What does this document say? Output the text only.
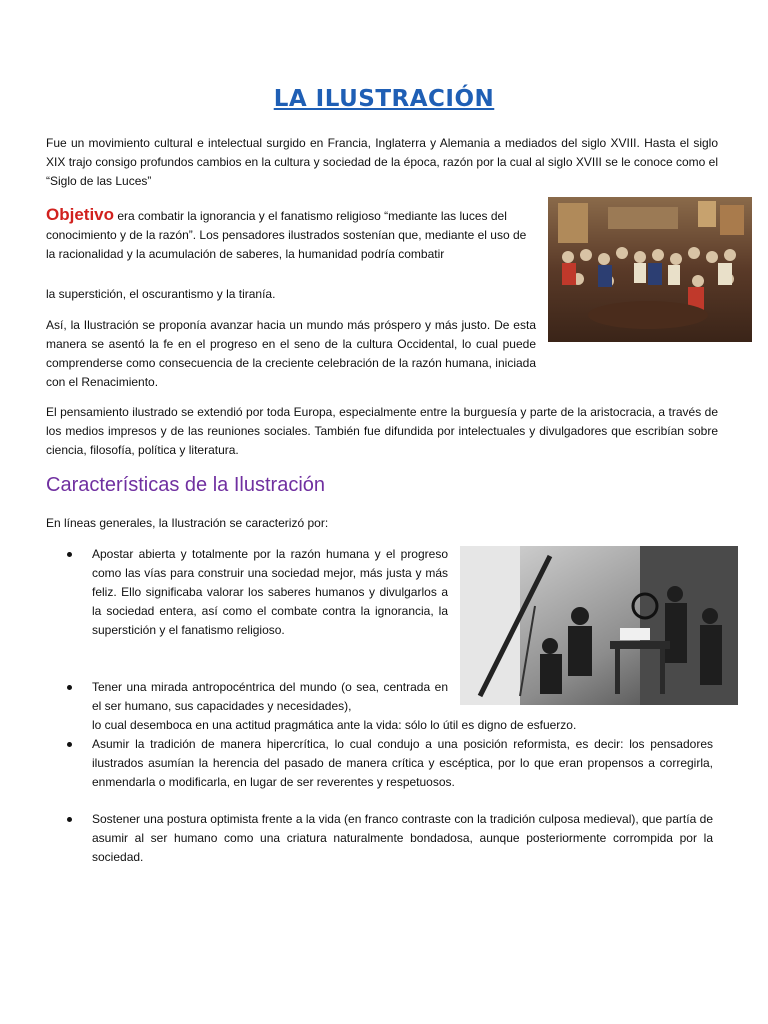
LA ILUSTRACIÓN
Fue un movimiento cultural e intelectual surgido en Francia, Inglaterra y Alemania a mediados del siglo XVIII. Hasta el siglo XIX trajo consigo profundos cambios en la cultura y sociedad de la época, razón por la cual al siglo XVIII se le conoce como el “Siglo de las Luces”
Objetivo era combatir la ignorancia y el fanatismo religioso “mediante las luces del conocimiento y de la razón”. Los pensadores ilustrados sostenían que, mediante el uso de la racionalidad y la acumulación de saberes, la humanidad podría combatir
la superstición, el oscurantismo y la tiranía.
Así, la Ilustración se proponía avanzar hacia un mundo más próspero y más justo. De esta manera se asentó la fe en el progreso en el seno de la cultura Occidental, lo cual puede comprenderse como consecuencia de la creciente celebración de la razón humana, iniciada con el Renacimiento.
El pensamiento ilustrado se extendió por toda Europa, especialmente entre la burguesía y parte de la aristocracia, a través de los medios impresos y de las reuniones sociales. También fue difundida por intelectuales y divulgadores que escribían sobre ciencia, filosofía, política y literatura.
Características de la Ilustración
En líneas generales, la Ilustración se caracterizó por:
Apostar abierta y totalmente por la razón humana y el progreso como las vías para construir una sociedad mejor, más justa y más feliz. Ello significaba valorar los saberes humanos y divulgarlos a la sociedad entera, así como el combate contra la ignorancia, la superstición y el fanatismo religioso.
Tener una mirada antropocéntrica del mundo (o sea, centrada en el ser humano, sus capacidades y necesidades),
lo cual desemboca en una actitud pragmática ante la vida: sólo lo útil es digno de esfuerzo.
Asumir la tradición de manera hipercrítica, lo cual condujo a una posición reformista, es decir: los pensadores ilustrados asumían la herencia del pasado de manera crítica y escéptica, por lo que eran propensos a corregirla, enmendarla o modificarla, en lugar de ser reverentes y respetuosos.
Sostener una postura optimista frente a la vida (en franco contraste con la tradición culposa medieval), que partía de asumir al ser humano como una criatura naturalmente bondadosa, aunque posteriormente corrompida por la sociedad.
